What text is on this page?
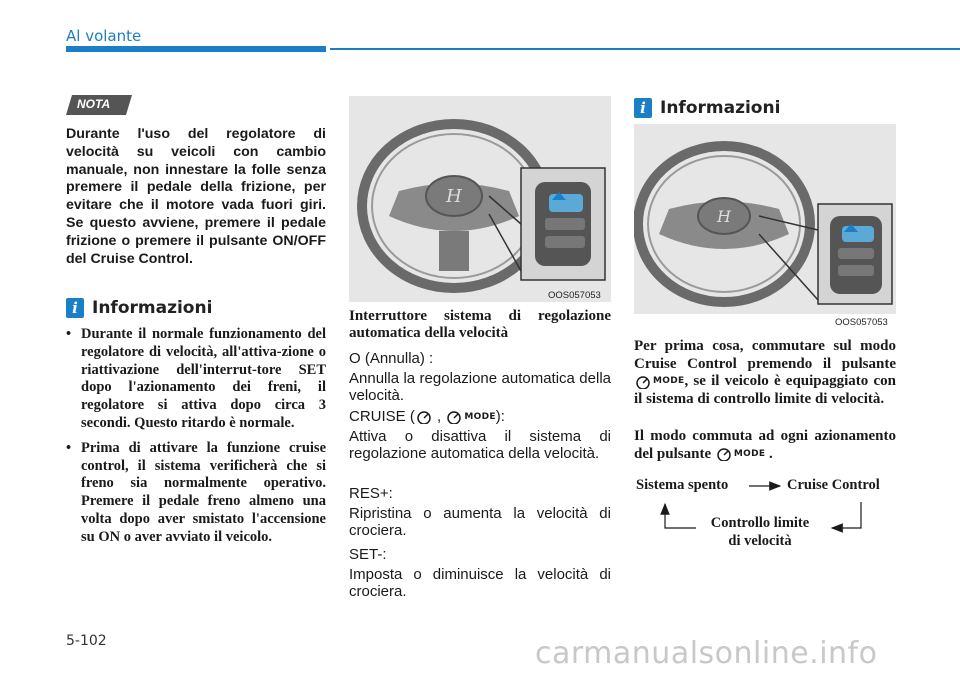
Al volante
NOTA
Durante l'uso del regolatore di velocità su veicoli con cambio manuale, non innestare la folle senza premere il pedale della frizione, per evitare che il motore vada fuori giri. Se questo avviene, premere il pedale frizione o premere il pulsante ON/OFF del Cruise Control.
i Informazioni
• Durante il normale funzionamento del regolatore di velocità, all'attiva-zione o riattivazione dell'interrut-tore SET dopo l'azionamento dei freni, il regolatore si attiva dopo circa 3 secondi. Questo ritardo è normale.
• Prima di attivare la funzione cruise control, il sistema verificherà che si freno sia normalmente operativo. Premere il pedale freno almeno una volta dopo aver smistato l'accensione su ON o aver avviato il veicolo.
H
OOS057053
Interruttore sistema di regolazione automatica della velocità
O (Annulla) :
Annulla la regolazione automatica della velocità.
CRUISE ( ,	MODE ):
Attiva o disattiva il sistema di regolazione automatica della velocità.
RES+:
Ripristina o aumenta la velocità di crociera.
SET-:
Imposta o diminuisce la velocità di crociera.
i Informazioni
H
OOS057053
Per prima cosa, commutare sul modo Cruise Control premendo il pulsante
MODE , se il veicolo è equipaggiato con il sistema di controllo limite di velocità.
Il modo commuta ad ogni azionamento del pulsante	MODE .
Sistema spento	Cruise Control
Controllo limite
di velocità
5-102	carmanualsonline.info
